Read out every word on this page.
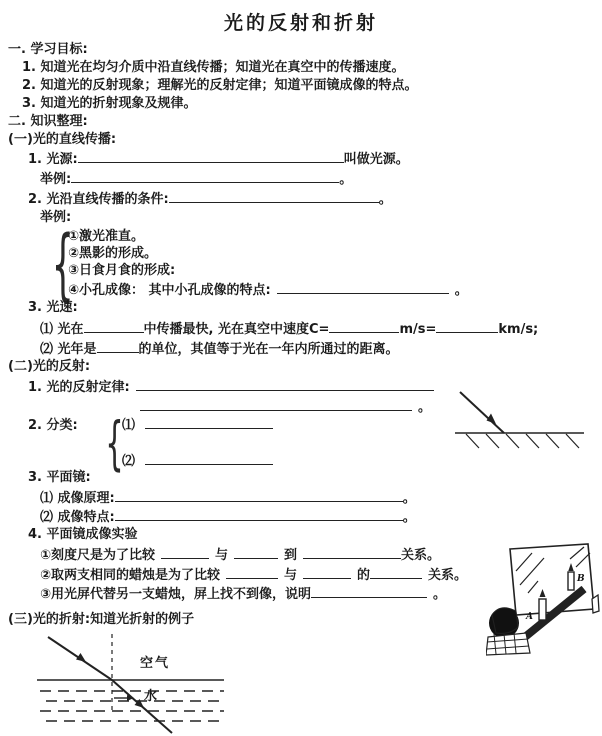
光的反射和折射
一. 学习目标:
1. 知道光在均匀介质中沿直线传播；知道光在真空中的传播速度。
2. 知道光的反射现象；理解光的反射定律；知道平面镜成像的特点。
3. 知道光的折射现象及规律。
二. 知识整理:
(一)光的直线传播:
1. 光源:	叫做光源。
举例:	。
2. 光沿直线传播的条件:	。
举例:
{
①激光准直。
②黑影的形成。
③日食月食的形成:
④小孔成像： 其中小孔成像的特点:	。
3. 光速:
⑴ 光在	中传播最快, 光在真空中速度C=	m/s=	km/s;
⑵ 光年是	的单位，其值等于光在一年内所通过的距离。
(二)光的反射:
1. 光的反射定律:
。
2. 分类: {
⑴
⑵
3. 平面镜:
⑴ 成像原理:	。
⑵ 成像特点:	。
4. 平面镜成像实验
①刻度尺是为了比较	与	到	关系。
②取两支相同的蜡烛是为了比较	与	的	关系。
③用光屏代替另一支蜡烛，屏上找不到像，说明	。
(三)光的折射:知道光折射的例子	A
B
空气
水
